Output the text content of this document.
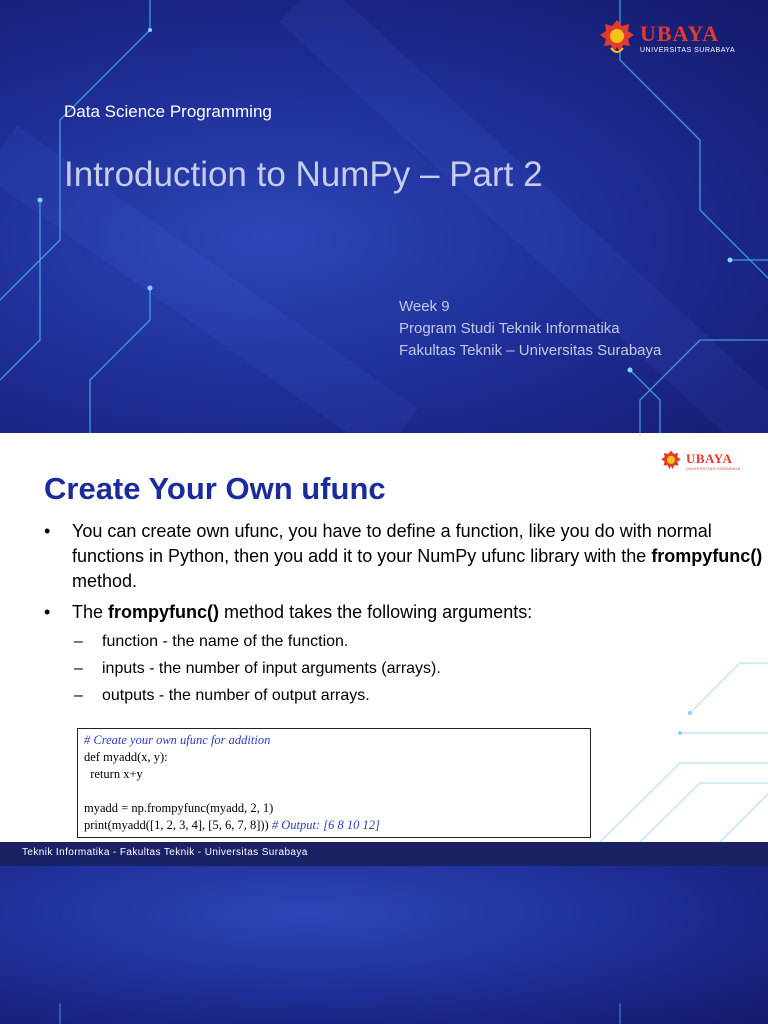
UBAYA
UNIVERSITAS SURABAYA
Data Science Programming
Introduction to NumPy – Part 2
Week 9
Program Studi Teknik Informatika
Fakultas Teknik – Universitas Surabaya
UBAYA
UNIVERSITAS SURABAYA
Create Your Own ufunc
•	You can create own ufunc, you have to define a function, like you do with normal functions in Python, then you add it to your NumPy ufunc library with the frompyfunc() method.
•	The frompyfunc() method takes the following arguments:
–	function - the name of the function.
–	inputs - the number of input arguments (arrays).
–	outputs - the number of output arrays.
# Create your own ufunc for addition
def myadd(x, y):
return x+y
myadd = np.frompyfunc(myadd, 2, 1)
print(myadd([1, 2, 3, 4], [5, 6, 7, 8])) # Output: [6 8 10 12]
Teknik Informatika - Fakultas Teknik - Universitas Surabaya
